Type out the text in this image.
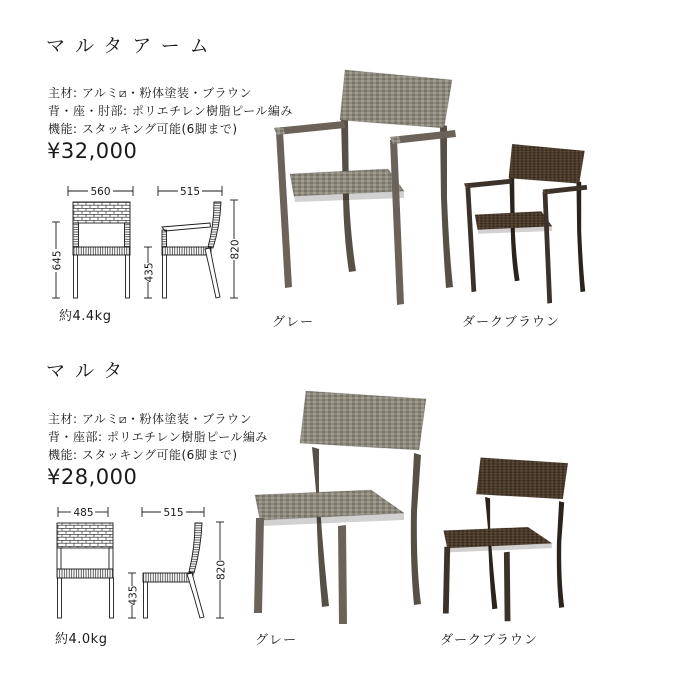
マルタアーム
主材: アルミ⧄・粉体塗装・ブラウン
背・座・肘部: ポリエチレン樹脂ピール編み
機能: スタッキング可能(6脚まで)
¥32,000
560
645
515
435
820
約4.4kg	グレー	ダークブラウン
マルタ
主材: アルミ⧄・粉体塗装・ブラウン
背・座部: ポリエチレン樹脂ピール編み
機能: スタッキング可能(6脚まで)
¥28,000
485	515
435
820
約4.0kg	グレー	ダークブラウン
